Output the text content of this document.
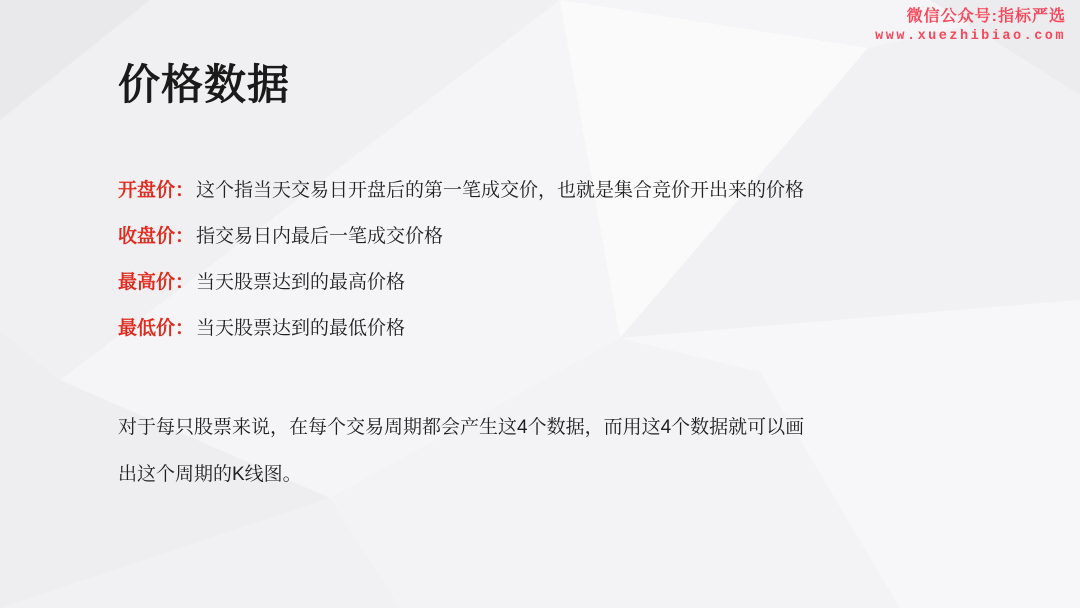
微信公众号:指标严选
www.xuezhibiao.com
价格数据
开盘价： 这个指当天交易日开盘后的第一笔成交价，也就是集合竞价开出来的价格
收盘价： 指交易日内最后一笔成交价格
最高价： 当天股票达到的最高价格
最低价： 当天股票达到的最低价格
对于每只股票来说，在每个交易周期都会产生这4个数据，而用这4个数据就可以画
出这个周期的K线图。
